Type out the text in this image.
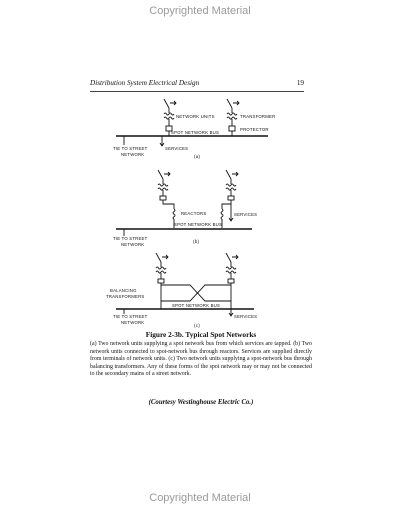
Copyrighted Material
Distribution System Electrical Design	19
NETWORK UNITS	TRANSFORMER
PROTECTOR
SPOT NETWORK BUS
TIE TO STREET
NETWORK
SERVICES
(a)
REACTORS	SERVICES
SPOT NETWORK BUS
TIE TO STREET
NETWORK
(b)
BALANCING
TRANSFORMERS
SPOT NETWORK BUS
TIE TO STREET
NETWORK
SERVICES
(c)
Figure 2-3b. Typical Spot Networks

(a) Two network units supplying a spot network bus from which services are tapped. (b) Two network units connected to spot-network bus through reactors. Services are supplied directly from terminals of network units. (c) Two network units supplying a spot-network bus through balancing transformers. Any of these forms of the spot network may or may not be connected to the secondary mains of a street network.

(Courtesy Westinghouse Electric Co.)
Copyrighted Material
